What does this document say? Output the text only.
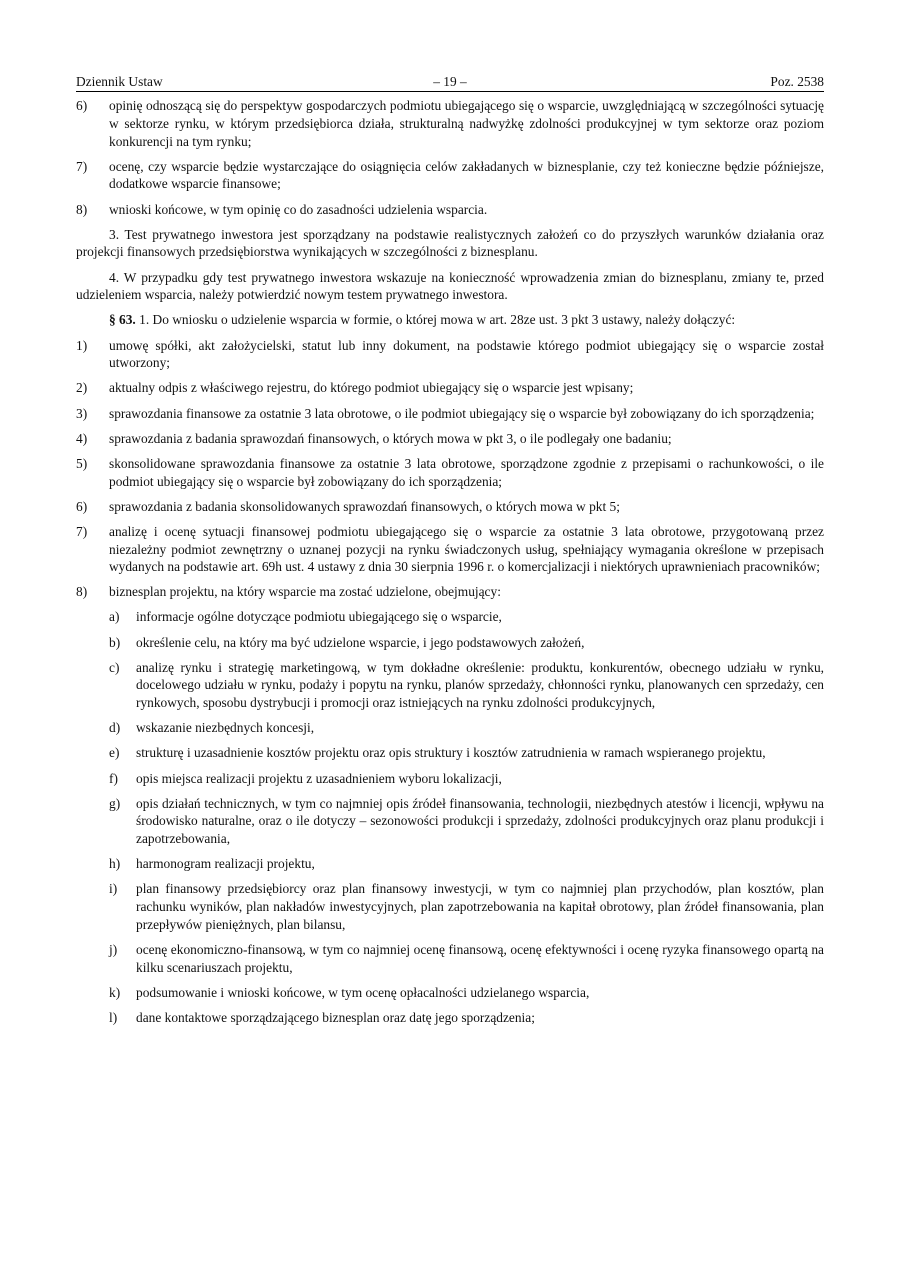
Dziennik Ustaw	– 19 –	Poz. 2538
6)	opinię odnoszącą się do perspektyw gospodarczych podmiotu ubiegającego się o wsparcie, uwzględniającą w szczególności sytuację w sektorze rynku, w którym przedsiębiorca działa, strukturalną nadwyżkę zdolności produkcyjnej w tym sektorze oraz poziom konkurencji na tym rynku;
7)	ocenę, czy wsparcie będzie wystarczające do osiągnięcia celów zakładanych w biznesplanie, czy też konieczne będzie późniejsze, dodatkowe wsparcie finansowe;
8)	wnioski końcowe, w tym opinię co do zasadności udzielenia wsparcia.

3. Test prywatnego inwestora jest sporządzany na podstawie realistycznych założeń co do przyszłych warunków działania oraz projekcji finansowych przedsiębiorstwa wynikających w szczególności z biznesplanu.

4. W przypadku gdy test prywatnego inwestora wskazuje na konieczność wprowadzenia zmian do biznesplanu, zmiany te, przed udzieleniem wsparcia, należy potwierdzić nowym testem prywatnego inwestora.

§ 63. 1. Do wniosku o udzielenie wsparcia w formie, o której mowa w art. 28ze ust. 3 pkt 3 ustawy, należy dołączyć:

1)	umowę spółki, akt założycielski, statut lub inny dokument, na podstawie którego podmiot ubiegający się o wsparcie został utworzony;
2)	aktualny odpis z właściwego rejestru, do którego podmiot ubiegający się o wsparcie jest wpisany;
3)	sprawozdania finansowe za ostatnie 3 lata obrotowe, o ile podmiot ubiegający się o wsparcie był zobowiązany do ich sporządzenia;
4)	sprawozdania z badania sprawozdań finansowych, o których mowa w pkt 3, o ile podlegały one badaniu;
5)	skonsolidowane sprawozdania finansowe za ostatnie 3 lata obrotowe, sporządzone zgodnie z przepisami o rachunkowości, o ile podmiot ubiegający się o wsparcie był zobowiązany do ich sporządzenia;
6)	sprawozdania z badania skonsolidowanych sprawozdań finansowych, o których mowa w pkt 5;
7)	analizę i ocenę sytuacji finansowej podmiotu ubiegającego się o wsparcie za ostatnie 3 lata obrotowe, przygotowaną przez niezależny podmiot zewnętrzny o uznanej pozycji na rynku świadczonych usług, spełniający wymagania określone w przepisach wydanych na podstawie art. 69h ust. 4 ustawy z dnia 30 sierpnia 1996 r. o komercjalizacji i niektórych uprawnieniach pracowników;
8)	biznesplan projektu, na który wsparcie ma zostać udzielone, obejmujący:
a)	informacje ogólne dotyczące podmiotu ubiegającego się o wsparcie,
b)	określenie celu, na który ma być udzielone wsparcie, i jego podstawowych założeń,
c)	analizę rynku i strategię marketingową, w tym dokładne określenie: produktu, konkurentów, obecnego udziału w rynku, docelowego udziału w rynku, podaży i popytu na rynku, planów sprzedaży, chłonności rynku, planowanych cen sprzedaży, cen rynkowych, sposobu dystrybucji i promocji oraz istniejących na rynku zdolności produkcyjnych,
d)	wskazanie niezbędnych koncesji,
e)	strukturę i uzasadnienie kosztów projektu oraz opis struktury i kosztów zatrudnienia w ramach wspieranego projektu,
f)	opis miejsca realizacji projektu z uzasadnieniem wyboru lokalizacji,
g)	opis działań technicznych, w tym co najmniej opis źródeł finansowania, technologii, niezbędnych atestów i licencji, wpływu na środowisko naturalne, oraz o ile dotyczy – sezonowości produkcji i sprzedaży, zdolności produkcyjnych oraz planu produkcji i zapotrzebowania,
h)	harmonogram realizacji projektu,
i)	plan finansowy przedsiębiorcy oraz plan finansowy inwestycji, w tym co najmniej plan przychodów, plan kosztów, plan rachunku wyników, plan nakładów inwestycyjnych, plan zapotrzebowania na kapitał obrotowy, plan źródeł finansowania, plan przepływów pieniężnych, plan bilansu,
j)	ocenę ekonomiczno-finansową, w tym co najmniej ocenę finansową, ocenę efektywności i ocenę ryzyka finansowego opartą na kilku scenariuszach projektu,
k)	podsumowanie i wnioski końcowe, w tym ocenę opłacalności udzielanego wsparcia,
l)	dane kontaktowe sporządzającego biznesplan oraz datę jego sporządzenia;
